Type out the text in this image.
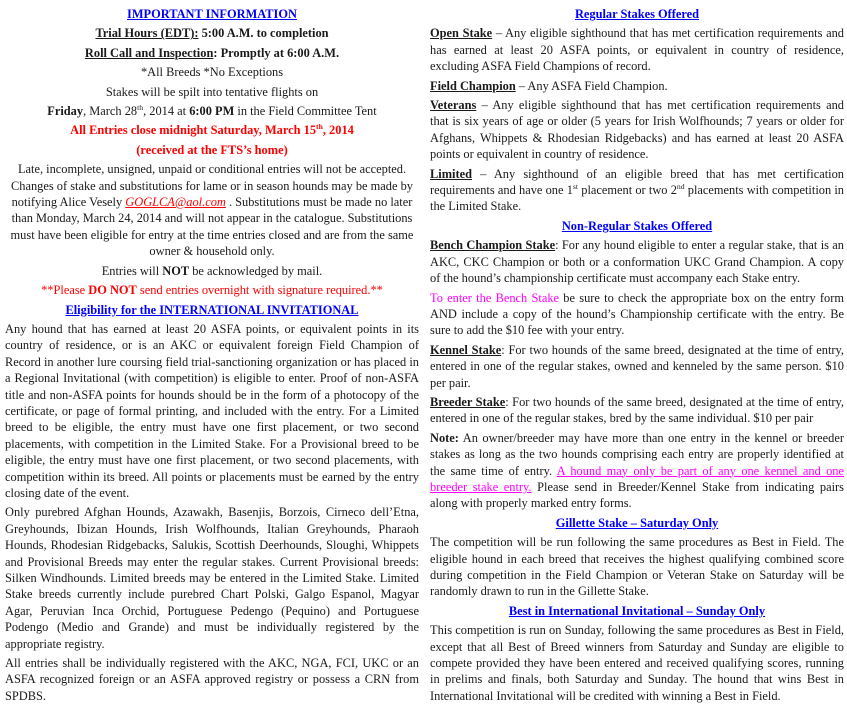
IMPORTANT INFORMATION

Trial Hours (EDT): 5:00 A.M. to completion

Roll Call and Inspection: Promptly at 6:00 A.M.

*All Breeds *No Exceptions

Stakes will be spilt into tentative flights on

Friday, March 28th, 2014 at 6:00 PM in the Field Committee Tent

All Entries close midnight Saturday, March 15th, 2014

(received at the FTS’s home)

Late, incomplete, unsigned, unpaid or conditional entries will not be accepted. Changes of stake and substitutions for lame or in season hounds may be made by notifying Alice Vesely GOGLCA@aol.com . Substitutions must be made no later than Monday, March 24, 2014 and will not appear in the catalogue. Substitutions must have been eligible for entry at the time entries closed and are from the same owner & household only.

Entries will NOT be acknowledged by mail.

**Please DO NOT send entries overnight with signature required.**

Eligibility for the INTERNATIONAL INVITATIONAL

Any hound that has earned at least 20 ASFA points, or equivalent points in its country of residence, or is an AKC or equivalent foreign Field Champion of Record in another lure coursing field trial-sanctioning organization or has placed in a Regional Invitational (with competition) is eligible to enter. Proof of non-ASFA title and non-ASFA points for hounds should be in the form of a photocopy of the certificate, or page of formal printing, and included with the entry. For a Limited breed to be eligible, the entry must have one first placement, or two second placements, with competition in the Limited Stake. For a Provisional breed to be eligible, the entry must have one first placement, or two second placements, with competition within its breed. All points or placements must be earned by the entry closing date of the event.

Only purebred Afghan Hounds, Azawakh, Basenjis, Borzois, Cirneco dell’Etna, Greyhounds, Ibizan Hounds, Irish Wolfhounds, Italian Greyhounds, Pharaoh Hounds, Rhodesian Ridgebacks, Salukis, Scottish Deerhounds, Sloughi, Whippets and Provisional Breeds may enter the regular stakes. Current Provisional breeds: Silken Windhounds. Limited breeds may be entered in the Limited Stake. Limited Stake breeds currently include purebred Chart Polski, Galgo Espanol, Magyar Agar, Peruvian Inca Orchid, Portuguese Pedengo (Pequino) and Portuguese Podengo (Medio and Grande) and must be individually registered by the appropriate registry.

All entries shall be individually registered with the AKC, NGA, FCI, UKC or an ASFA recognized foreign or an ASFA approved registry or possess a CRN from SPDBS.

Regular Stakes Offered

Open Stake – Any eligible sighthound that has met certification requirements and has earned at least 20 ASFA points, or equivalent in country of residence, excluding ASFA Field Champions of record.

Field Champion – Any ASFA Field Champion.

Veterans – Any eligible sighthound that has met certification requirements and that is six years of age or older (5 years for Irish Wolfhounds; 7 years or older for Afghans, Whippets & Rhodesian Ridgebacks) and has earned at least 20 ASFA points or equivalent in country of residence.

Limited – Any sighthound of an eligible breed that has met certification requirements and have one 1st placement or two 2nd placements with competition in the Limited Stake.

Non-Regular Stakes Offered

Bench Champion Stake: For any hound eligible to enter a regular stake, that is an AKC, CKC Champion or both or a conformation UKC Grand Champion. A copy of the hound’s championship certificate must accompany each Stake entry.

To enter the Bench Stake be sure to check the appropriate box on the entry form AND include a copy of the hound’s Championship certificate with the entry. Be sure to add the $10 fee with your entry.

Kennel Stake: For two hounds of the same breed, designated at the time of entry, entered in one of the regular stakes, owned and kenneled by the same person. $10 per pair.

Breeder Stake: For two hounds of the same breed, designated at the time of entry, entered in one of the regular stakes, bred by the same individual. $10 per pair

Note: An owner/breeder may have more than one entry in the kennel or breeder stakes as long as the two hounds comprising each entry are properly identified at the same time of entry. A hound may only be part of any one kennel and one breeder stake entry. Please send in Breeder/Kennel Stake from indicating pairs along with properly marked entry forms.

Gillette Stake – Saturday Only

The competition will be run following the same procedures as Best in Field. The eligible hound in each breed that receives the highest qualifying combined score during competition in the Field Champion or Veteran Stake on Saturday will be randomly drawn to run in the Gillette Stake.

Best in International Invitational – Sunday Only

This competition is run on Sunday, following the same procedures as Best in Field, except that all Best of Breed winners from Saturday and Sunday are eligible to compete provided they have been entered and received qualifying scores, running in prelims and finals, both Saturday and Sunday. The hound that wins Best in International Invitational will be credited with winning a Best in Field.
